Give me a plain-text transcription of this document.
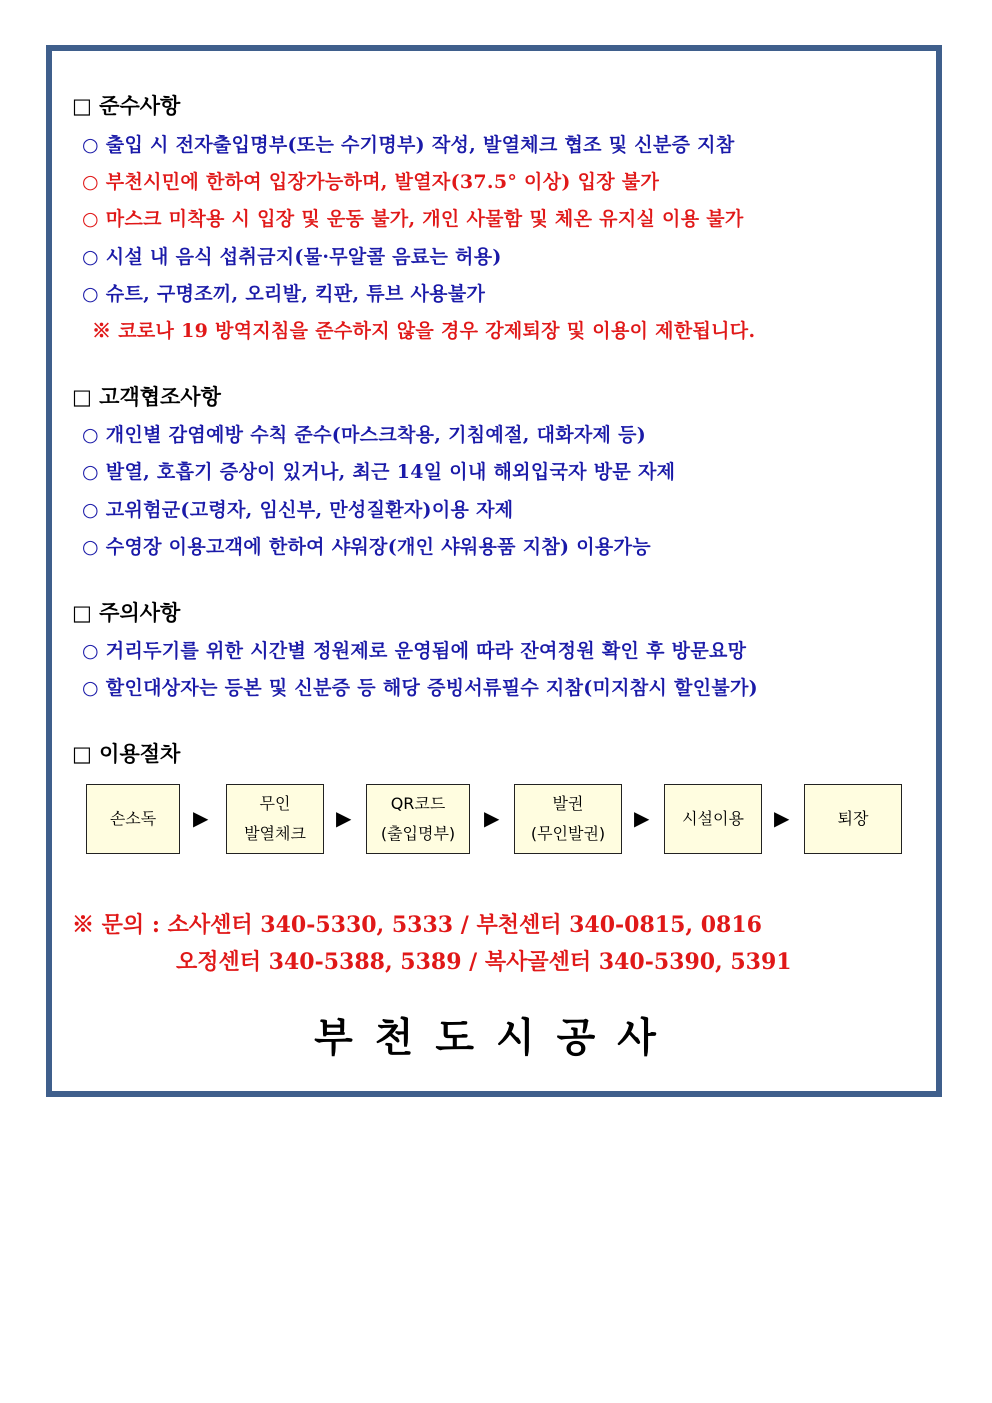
□ 준수사항
○ 출입 시 전자출입명부(또는 수기명부) 작성, 발열체크 협조 및 신분증 지참
○ 부천시민에 한하여 입장가능하며, 발열자(37.5° 이상) 입장 불가
○ 마스크 미착용 시 입장 및 운동 불가, 개인 사물함 및 체온 유지실 이용 불가
○ 시설 내 음식 섭취금지(물·무알콜 음료는 허용)
○ 슈트, 구명조끼, 오리발, 킥판, 튜브 사용불가
※ 코로나 19 방역지침을 준수하지 않을 경우 강제퇴장 및 이용이 제한됩니다.
□ 고객협조사항
○ 개인별 감염예방 수칙 준수(마스크착용, 기침예절, 대화자제 등)
○ 발열, 호흡기 증상이 있거나, 최근 14일 이내 해외입국자 방문 자제
○ 고위험군(고령자, 임신부, 만성질환자)이용 자제
○ 수영장 이용고객에 한하여 샤워장(개인 샤워용품 지참) 이용가능
□ 주의사항
○ 거리두기를 위한 시간별 정원제로 운영됨에 따라 잔여정원 확인 후 방문요망
○ 할인대상자는 등본 및 신분증 등 해당 증빙서류필수 지참(미지참시 할인불가)
□ 이용절차
손소독 ▶
무인
발열체크
▶
QR코드
(출입명부)
▶
발권
(무인발권)
▶ 시설이용 ▶	퇴장
※ 문의 : 소사센터 340-5330, 5333 / 부천센터 340-0815, 0816
오정센터 340-5388, 5389 / 복사골센터 340-5390, 5391
부천도시공사
